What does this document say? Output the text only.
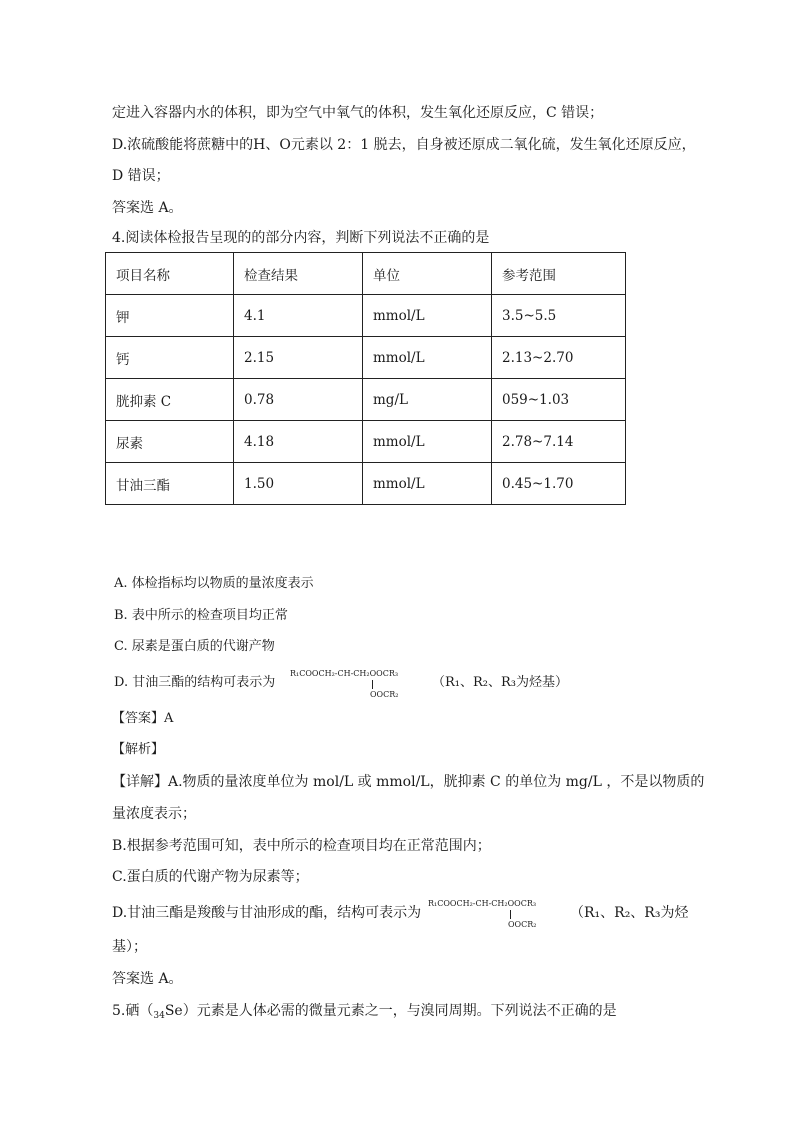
定进入容器内水的体积，即为空气中氧气的体积，发生氧化还原反应，C 错误；
D.浓硫酸能将蔗糖中的H、O元素以 2：1 脱去，自身被还原成二氧化硫，发生氧化还原反应，
D 错误；
答案选 A。
4.阅读体检报告呈现的的部分内容，判断下列说法不正确的是
项目名称	检查结果	单位	参考范围
钾	4.1	mmol/L	3.5~5.5
钙	2.15	mmol/L	2.13~2.70
胱抑素 C	0.78	mg/L	059~1.03
尿素	4.18	mmol/L	2.78~7.14
甘油三酯	1.50	mmol/L	0.45~1.70
A. 体检指标均以物质的量浓度表示
B. 表中所示的检查项目均正常
C. 尿素是蛋白质的代谢产物
D. 甘油三酯的结构可表示为
R₁COOCH₂-CH-CH₂OOCR₃
OOCR₂
（R₁、R₂、R₃为烃基）
【答案】A
【解析】
【详解】A.物质的量浓度单位为 mol/L 或 mmol/L，胱抑素 C 的单位为 mg/L ，不是以物质的
量浓度表示；
B.根据参考范围可知，表中所示的检查项目均在正常范围内；
C.蛋白质的代谢产物为尿素等；
D.甘油三酯是羧酸与甘油形成的酯，结构可表示为
R₁COOCH₂-CH-CH₂OOCR₃
OOCR₂
（R₁、R₂、R₃为烃
基）；
答案选 A。
5.硒$(_{34}Se)$元素是人体必需的微量元素之一，与溴同周期。下列说法不正确的是
